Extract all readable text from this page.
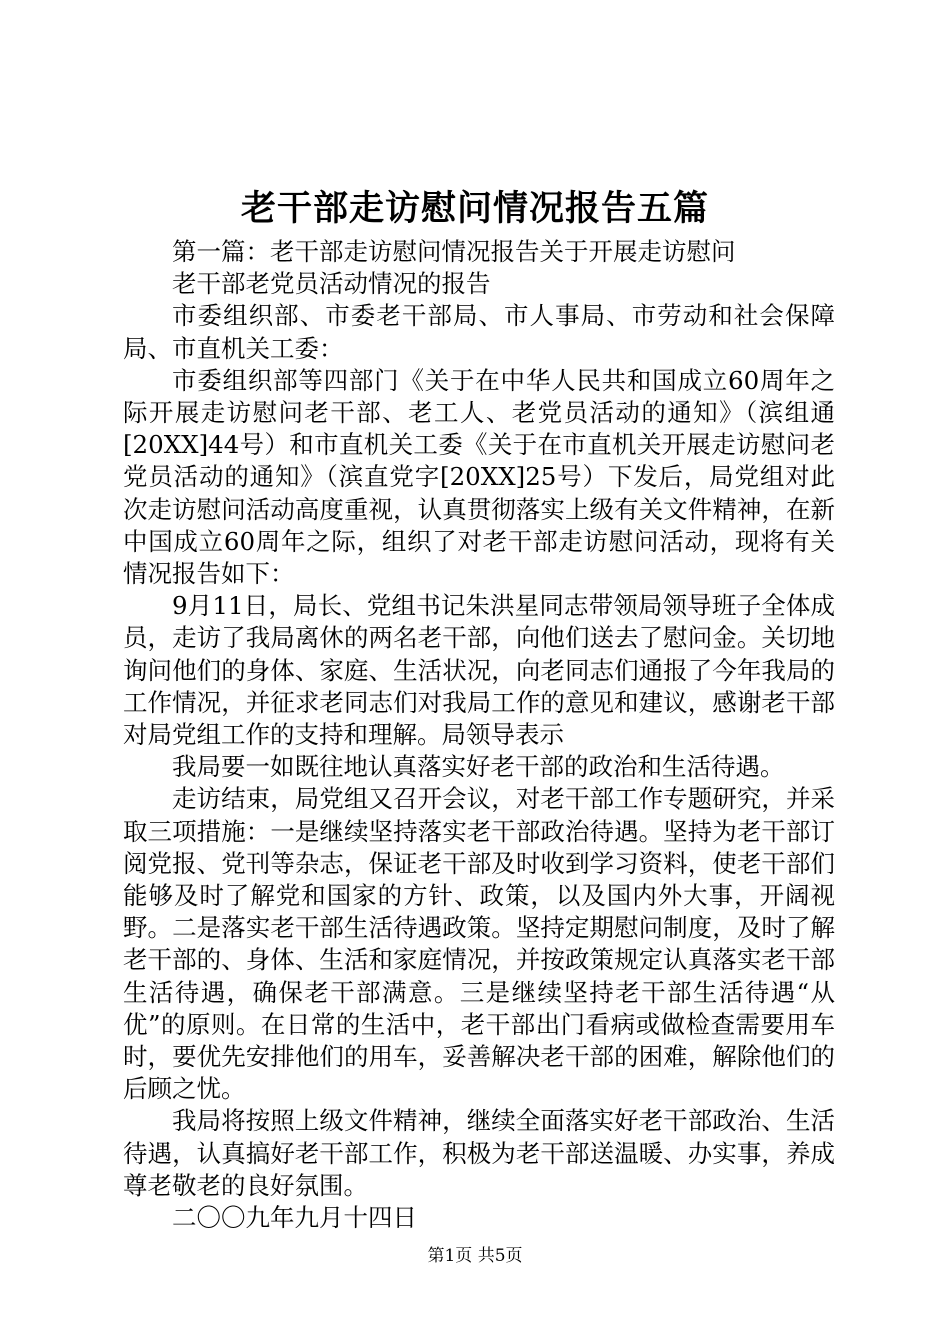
老干部走访慰问情况报告五篇

第一篇：老干部走访慰问情况报告关于开展走访慰问

老干部老党员活动情况的报告

市委组织部、市委老干部局、市人事局、市劳动和社会保障局、市直机关工委：

市委组织部等四部门《关于在中华人民共和国成立60周年之际开展走访慰问老干部、老工人、老党员活动的通知》（滨组通[20XX]44号）和市直机关工委《关于在市直机关开展走访慰问老党员活动的通知》（滨直党字[20XX]25号）下发后，局党组对此次走访慰问活动高度重视，认真贯彻落实上级有关文件精神，在新中国成立60周年之际，组织了对老干部走访慰问活动，现将有关情况报告如下：

9月11日，局长、党组书记朱洪星同志带领局领导班子全体成员，走访了我局离休的两名老干部，向他们送去了慰问金。关切地询问他们的身体、家庭、生活状况，向老同志们通报了今年我局的工作情况，并征求老同志们对我局工作的意见和建议，感谢老干部对局党组工作的支持和理解。局领导表示

我局要一如既往地认真落实好老干部的政治和生活待遇。

走访结束，局党组又召开会议，对老干部工作专题研究，并采取三项措施：一是继续坚持落实老干部政治待遇。坚持为老干部订阅党报、党刊等杂志，保证老干部及时收到学习资料，使老干部们能够及时了解党和国家的方针、政策，以及国内外大事，开阔视野。二是落实老干部生活待遇政策。坚持定期慰问制度，及时了解老干部的、身体、生活和家庭情况，并按政策规定认真落实老干部生活待遇，确保老干部满意。三是继续坚持老干部生活待遇“从优”的原则。在日常的生活中，老干部出门看病或做检查需要用车时，要优先安排他们的用车，妥善解决老干部的困难，解除他们的后顾之忧。

我局将按照上级文件精神，继续全面落实好老干部政治、生活待遇，认真搞好老干部工作，积极为老干部送温暖、办实事，养成尊老敬老的良好氛围。

二〇〇九年九月十四日

第1页 共5页
